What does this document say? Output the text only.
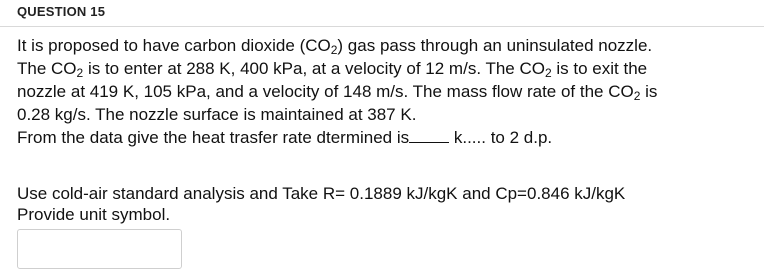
QUESTION 15
It is proposed to have carbon dioxide $(CO_2)$ gas pass through an uninsulated nozzle.
The $CO_2$ is to enter at 288 K, 400 kPa, at a velocity of 12 m/s. The $CO_2$ is to exit the
nozzle at 419 K, 105 kPa, and a velocity of 148 m/s. The mass flow rate of the $CO_2$ is
0.28 kg/s. The nozzle surface is maintained at 387 K.
From the data give the heat trasfer rate dtermined is k..... to 2 d.p.
Use cold-air standard analysis and Take R= 0.1889 kJ/kgK and Cp=0.846 kJ/kgK
Provide unit symbol.
